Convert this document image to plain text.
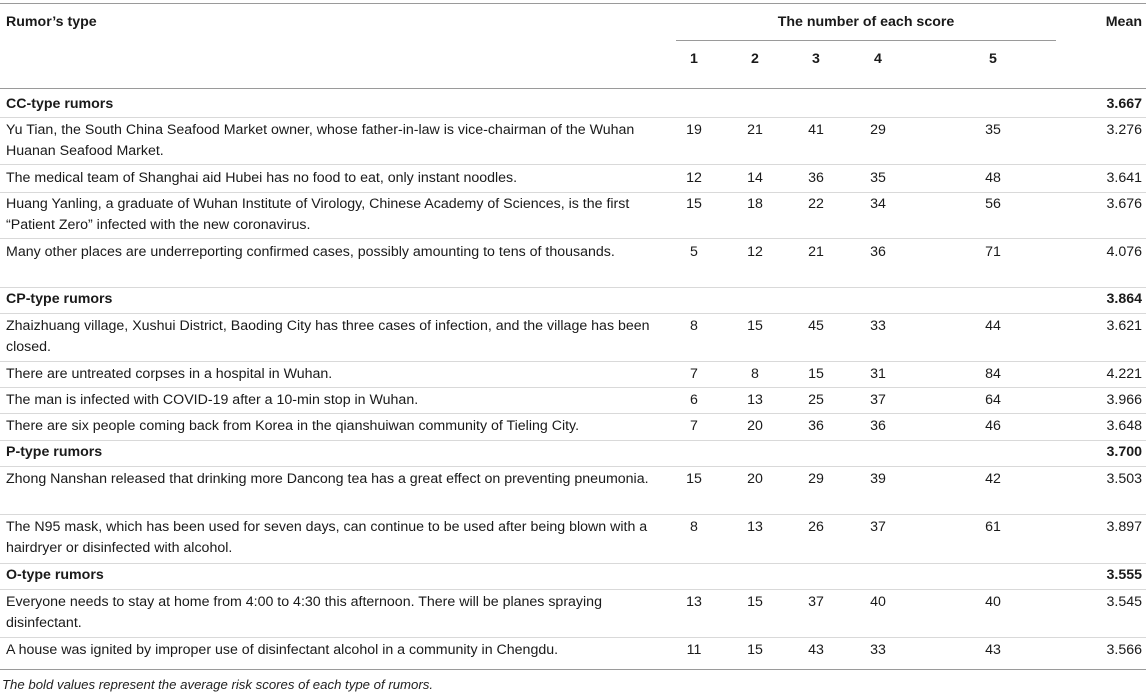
Rumor’s type	The number of each score	Mean
1	2	3	4	5
CC-type rumors	3.667
Yu Tian, the South China Seafood Market owner, whose father-in-law is vice-chairman of the Wuhan Huanan Seafood Market.
19	21	41	29	35	3.276
The medical team of Shanghai aid Hubei has no food to eat, only instant noodles.	12	14	36	35	48	3.641
Huang Yanling, a graduate of Wuhan Institute of Virology, Chinese Academy of Sciences, is the first “Patient Zero” infected with the new coronavirus.
15	18	22	34	56	3.676
Many other places are underreporting confirmed cases, possibly amounting to tens of thousands.	5	12	21	36	71	4.076
CP-type rumors	3.864
Zhaizhuang village, Xushui District, Baoding City has three cases of infection, and the village has been closed.
8	15	45	33	44	3.621
There are untreated corpses in a hospital in Wuhan.	7	8	15	31	84	4.221
The man is infected with COVID-19 after a 10-min stop in Wuhan.	6	13	25	37	64	3.966
There are six people coming back from Korea in the qianshuiwan community of Tieling City.	7	20	36	36	46	3.648
P-type rumors	3.700
Zhong Nanshan released that drinking more Dancong tea has a great effect on preventing pneumonia.	15	20	29	39	42	3.503
The N95 mask, which has been used for seven days, can continue to be used after being blown with a hairdryer or disinfected with alcohol.
8	13	26	37	61	3.897
O-type rumors	3.555
Everyone needs to stay at home from 4:00 to 4:30 this afternoon. There will be planes spraying disinfectant.
13	15	37	40	40	3.545
A house was ignited by improper use of disinfectant alcohol in a community in Chengdu.	11	15	43	33	43	3.566
The bold values represent the average risk scores of each type of rumors.
